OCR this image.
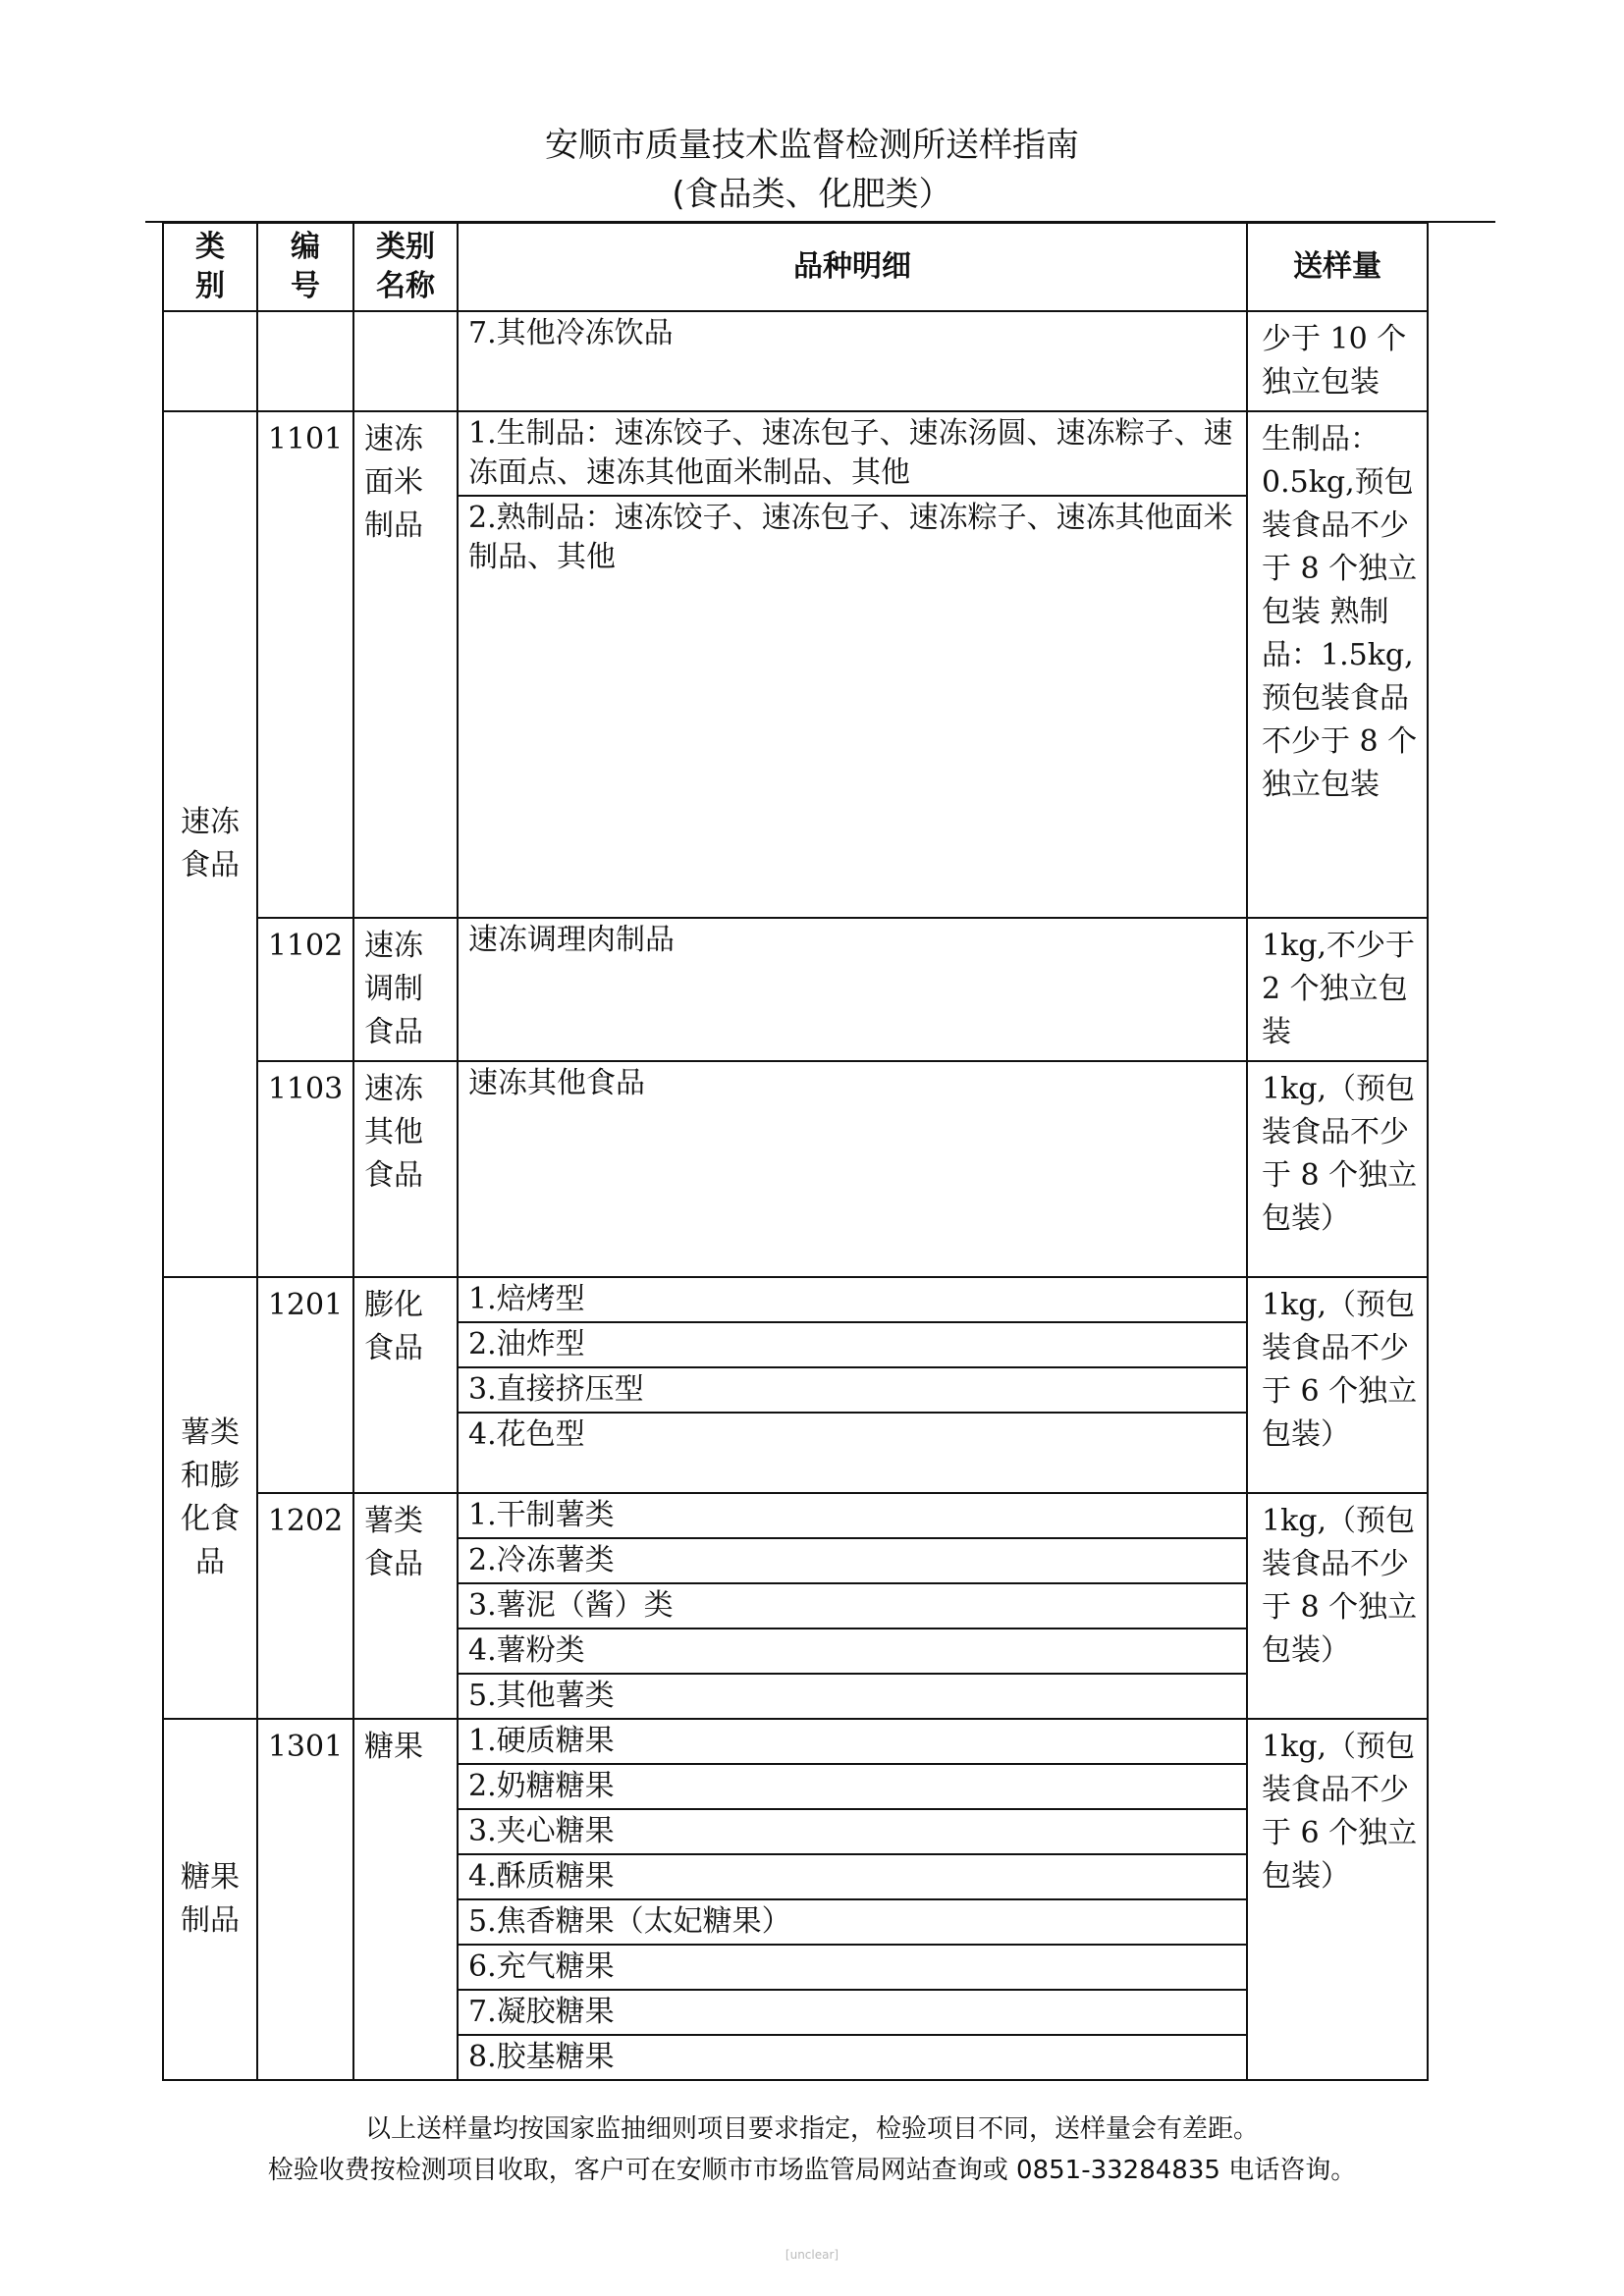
安顺市质量技术监督检测所送样指南
(食品类、化肥类）
类别	编号	类别名称	品种明细	送样量
			7.其他冷冻饮品	少于 10 个独立包装
速冻食品	1101	速冻面米制品	1.生制品：速冻饺子、速冻包子、速冻汤圆、速冻粽子、速冻面点、速冻其他面米制品、其他	生制品：0.5kg,预包装食品不少于 8 个独立包装 熟制品：1.5kg,预包装食品不少于 8 个独立包装
			2.熟制品：速冻饺子、速冻包子、速冻粽子、速冻其他面米制品、其他	
	1102	速冻调制食品	速冻调理肉制品	1kg,不少于 2 个独立包装
	1103	速冻其他食品	速冻其他食品	1kg,（预包装食品不少于 8 个独立包装）
薯类和膨化食品	1201	膨化食品	1.焙烤型	1kg,（预包装食品不少于 6 个独立包装）
			2.油炸型	
			3.直接挤压型	
			4.花色型	
	1202	薯类食品	1.干制薯类	1kg,（预包装食品不少于 8 个独立包装）
			2.冷冻薯类	
			3.薯泥（酱）类	
			4.薯粉类	
			5.其他薯类	
糖果制品	1301	糖果	1.硬质糖果	1kg,（预包装食品不少于 6 个独立包装）
			2.奶糖糖果	
			3.夹心糖果	
			4.酥质糖果	
			5.焦香糖果（太妃糖果）	
			6.充气糖果	
			7.凝胶糖果	
			8.胶基糖果	
以上送样量均按国家监抽细则项目要求指定，检验项目不同，送样量会有差距。
检验收费按检测项目收取，客户可在安顺市市场监管局网站查询或 0851-33284835 电话咨询。
[unclear]
